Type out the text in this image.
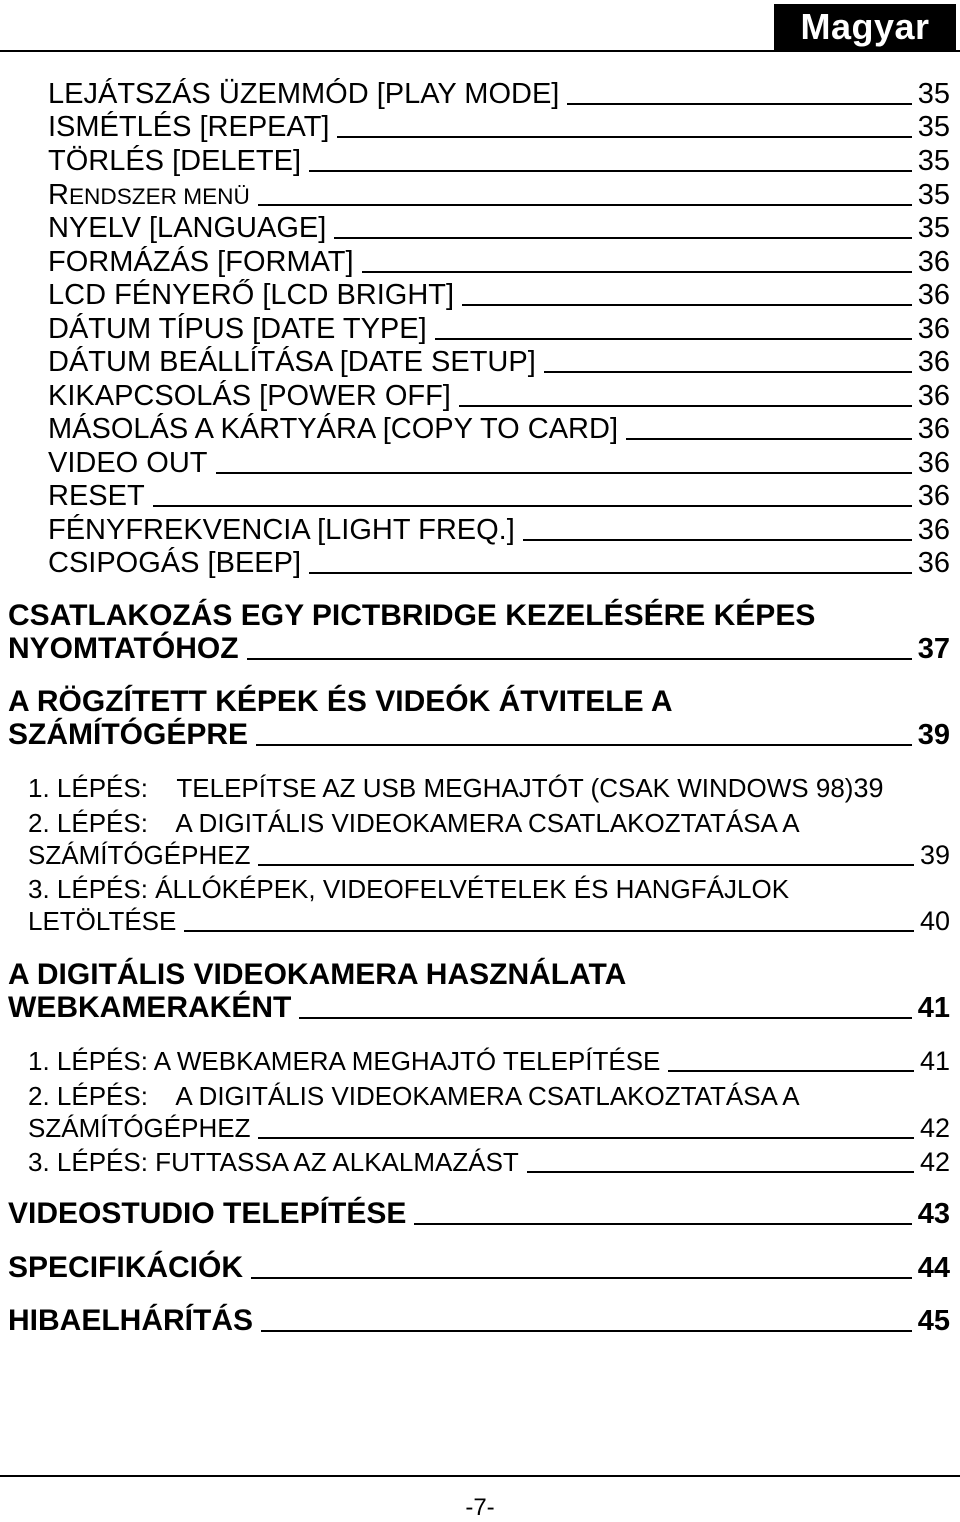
Magyar
LEJÁTSZÁS ÜZEMMÓD [PLAY MODE]	35
ISMÉTLÉS [REPEAT]	35
TÖRLÉS [DELETE]	35
RENDSZER MENÜ	35
NYELV [LANGUAGE]	35
FORMÁZÁS [FORMAT]	36
LCD FÉNYERŐ [LCD BRIGHT]	36
DÁTUM TÍPUS [DATE TYPE]	36
DÁTUM BEÁLLÍTÁSA [DATE SETUP]	36
KIKAPCSOLÁS [POWER OFF]	36
MÁSOLÁS A KÁRTYÁRA [COPY TO CARD]	36
VIDEO OUT	36
RESET	36
FÉNYFREKVENCIA [LIGHT FREQ.]	36
CSIPOGÁS [BEEP]	36
CSATLAKOZÁS EGY PICTBRIDGE KEZELÉSÉRE KÉPES
NYOMTATÓHOZ	37
A RÖGZÍTETT KÉPEK ÉS VIDEÓK ÁTVITELE A
SZÁMÍTÓGÉPRE	39
1. LÉPÉS:    TELEPÍTSE AZ USB MEGHAJTÓT (CSAK WINDOWS 98) 39
2. LÉPÉS:    A DIGITÁLIS VIDEOKAMERA CSATLAKOZTATÁSA A
SZÁMÍTÓGÉPHEZ	39
3. LÉPÉS: ÁLLÓKÉPEK, VIDEOFELVÉTELEK ÉS HANGFÁJLOK
LETÖLTÉSE	40
A DIGITÁLIS VIDEOKAMERA HASZNÁLATA
WEBKAMERAKÉNT	41
1. LÉPÉS: A WEBKAMERA MEGHAJTÓ TELEPÍTÉSE	41
2. LÉPÉS:    A DIGITÁLIS VIDEOKAMERA CSATLAKOZTATÁSA A
SZÁMÍTÓGÉPHEZ	42
3. LÉPÉS: FUTTASSA AZ ALKALMAZÁST	42
VIDEOSTUDIO TELEPÍTÉSE	43
SPECIFIKÁCIÓK	44
HIBAELHÁRÍTÁS	45
-7-
